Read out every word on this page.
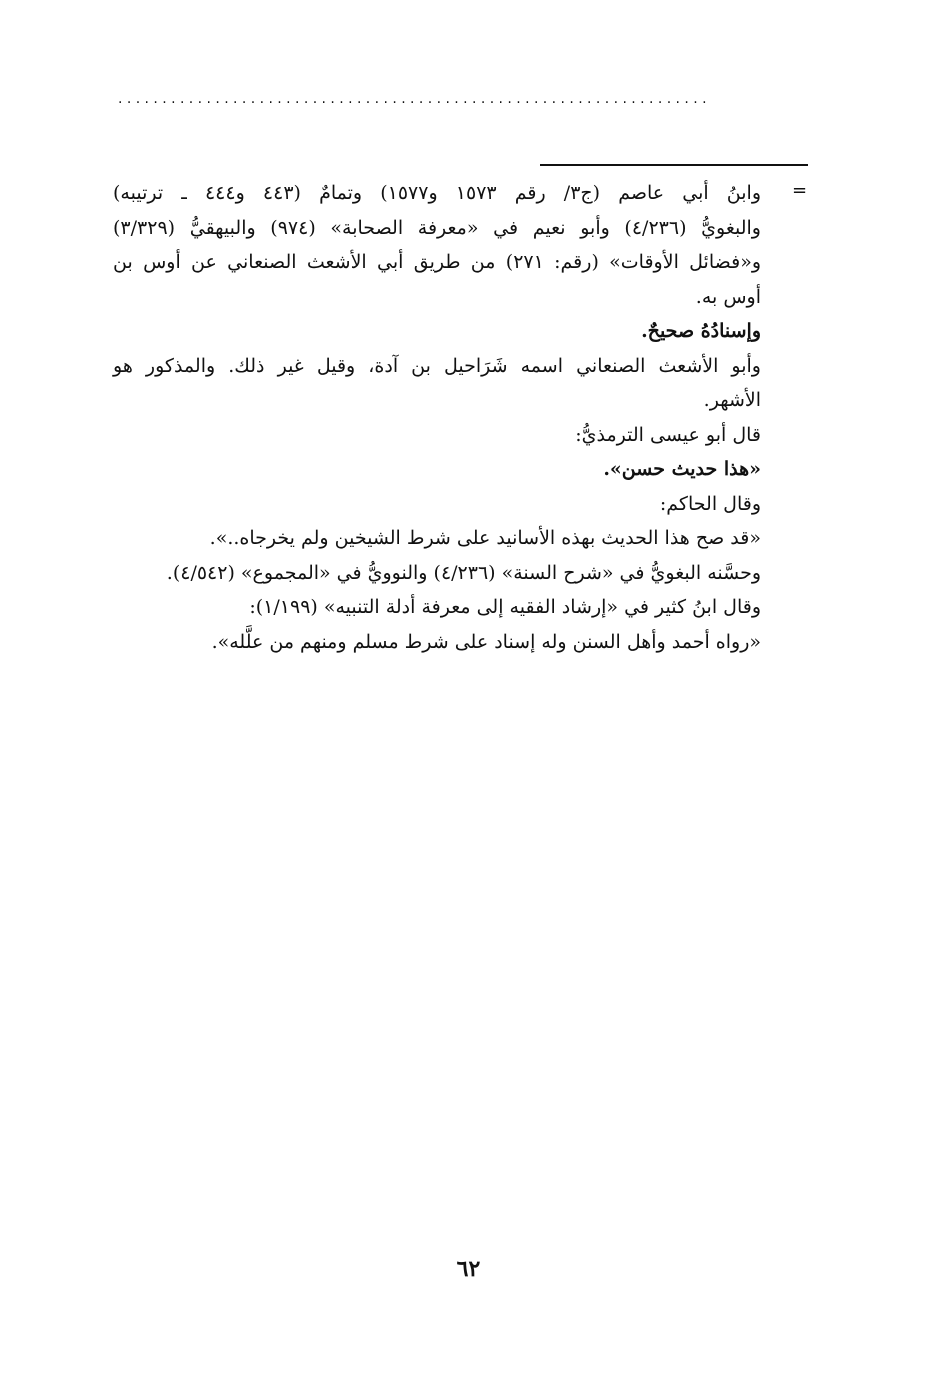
...................................................................
=
وابنُ أبي عاصم (ج٣/ رقم ١٥٧٣ و١٥٧٧) وتمامٌ (٤٤٣ و٤٤٤ ـ ترتيبه)
والبغويُّ (٤/٢٣٦) وأبو نعيم في «معرفة الصحابة» (٩٧٤) والبيهقيُّ (٣/٣٢٩)
و«فضائل الأوقات» (رقم: ٢٧١) من طريق أبي الأشعث الصنعاني عن أوس بن
أوس به.
وإسنادُهُ صحيحٌ.
وأبو الأشعث الصنعاني اسمه شَرَاحيل بن آدة، وقيل غير ذلك. والمذكور هو
الأشهر.
قال أبو عيسى الترمذيُّ:
«هذا حديث حسن».
وقال الحاكم:
«قد صح هذا الحديث بهذه الأسانيد على شرط الشيخين ولم يخرجاه..».
وحسَّنه البغويُّ في «شرح السنة» (٤/٢٣٦) والنوويُّ في «المجموع» (٤/٥٤٢).
وقال ابنُ كثير في «إرشاد الفقيه إلى معرفة أدلة التنبيه» (١/١٩٩):
«رواه أحمد وأهل السنن وله إسناد على شرط مسلم ومنهم من علَّله».
٦٢
